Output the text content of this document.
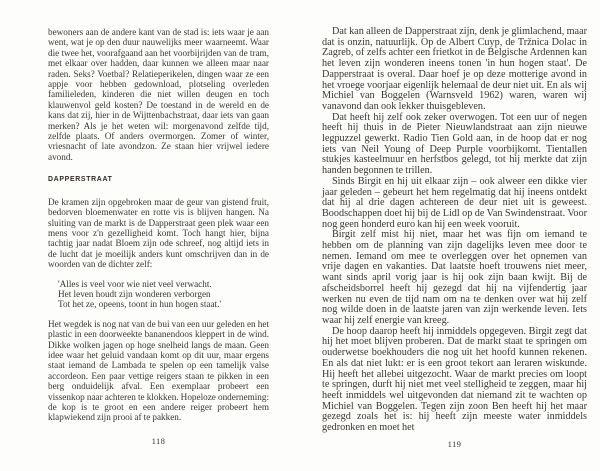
bewoners aan de andere kant van de stad is: iets waar je aan went, wat je op den duur nauwelijks meer waarneemt. Waar die twee het, voorafgaand aan het voorbijrijden van de tram, met elkaar over hadden, daar kunnen we alleen maar naar raden. Seks? Voetbal? Relatieperikelen, dingen waar ze een appje voor hebben gedownload, plotseling overleden familieleden, kinderen die niet willen deugen en toch klauwenvol geld kosten? De toestand in de wereld en de kans dat zij, hier in de Wijttenbachstraat, daar iets van gaan merken? Als je het weten wil: morgenavond zelfde tijd, zelfde plaats. Of anders overmorgen. Zomer of winter, vriesnacht of late avondzon. Ze staan hier vrijwel iedere avond.

DAPPERSTRAAT

De kramen zijn opgebroken maar de geur van gistend fruit, bedorven bloemenwater en rotte vis is blijven hangen. Na sluiting van de markt is de Dapperstraat geen plek waar een mens voor z'n gezelligheid komt. Toch hangt hier, bijna tachtig jaar nadat Bloem zijn ode schreef, nog altijd iets in de lucht dat je moeilijk anders kunt omschrijven dan in de woorden van de dichter zelf:

'Alles is veel voor wie niet veel verwacht.

Het leven houdt zijn wonderen verborgen

Tot het ze, opeens, toont in hun hogen staat.'

Het wegdek is nog nat van de bui van een uur geleden en het plastic in een doorweekte bananendoos kleppert in de wind. Dikke wolken jagen op hoge snelheid langs de maan. Geen idee waar het geluid vandaan komt op dit uur, maar ergens staat iemand de Lambada te spelen op een tamelijk valse accordeon. Een paar vettige reigers staan te pikken in een berg onduidelijk afval. Een exemplaar probeert een vissenkop naar achteren te klokken. Hopeloze onderneming: de kop is te groot en een andere reiger probeert hem klapwiekend zijn prooi af te pakken.

118

Dat kan alleen de Dapperstraat zijn, denk je glimlachend, maar dat is onzin, natuurlijk. Op de Albert Cuyp, de Tržnica Dolac in Zagreb, of zelfs achter een frietkot in de Belgische Ardennen kan het leven zijn wonderen ineens tonen 'in hun hogen staat'. De Dapperstraat is overal. Daar hoef je op deze motterige avond in het vroege voorjaar eigenlijk helemaal de deur niet uit. En als wij Michiel van Boggelen (Warnsveld 1962) waren, waren wij vanavond dan ook lekker thuisgebleven.

Dat heeft hij zelf ook zeker overwogen. Tot een uur of negen heeft hij thuis in de Pieter Nieuwlandstraat aan zijn nieuwe legpuzzel gewerkt. Radio Tien Gold aan, in de hoop dat er nog iets van Neil Young of Deep Purple voorbijkomt. Tientallen stukjes kasteelmuur en herfstbos gelegd, tot hij merkte dat zijn handen begonnen te trillen.

Sinds Birgit en hij uit elkaar zijn – ook alweer een dikke vier jaar geleden – gebeurt het hem regelmatig dat hij ineens ontdekt dat hij al drie dagen achtereen de deur niet uit is geweest. Boodschappen doet hij bij de Lidl op de Van Swindenstraat. Voor nog geen honderd euro kan hij een week vooruit.

Birgit zelf mist hij niet, maar het was fijn om iemand te hebben om de planning van zijn dagelijks leven mee door te nemen. Iemand om mee te overleggen over het opnemen van vrije dagen en vakanties. Dat laatste hoeft trouwens niet meer, want sinds april vorig jaar is hij ook zijn baan kwijt. Bij de afscheidsborrel heeft hij gezegd dat hij na vijfendertig jaar werken nu even de tijd nam om na te denken over wat hij zelf nog wilde doen in de laatste jaren van zijn werkende leven. Iets waar hij zelf energie van kreeg.

De hoop daarop heeft hij inmiddels opgegeven. Birgit zegt dat hij het moet blijven proberen. Dat de markt staat te springen om ouderwetse boekhouders die nog uit het hoofd kunnen rekenen. En als dat niet lukt: er is een groot tekort aan leraren wiskunde. Hij heeft het allebei uitgezocht. Waar de markt precies om loopt te springen, durft hij niet met veel stelligheid te zeggen, maar hij heeft inmiddels wel uitgevonden dat niemand zit te wachten op Michiel van Boggelen. Tegen zijn zoon Ben heeft hij het maar gezegd zoals het is: hij heeft zijn meeste water inmiddels gedronken en moet het

119
